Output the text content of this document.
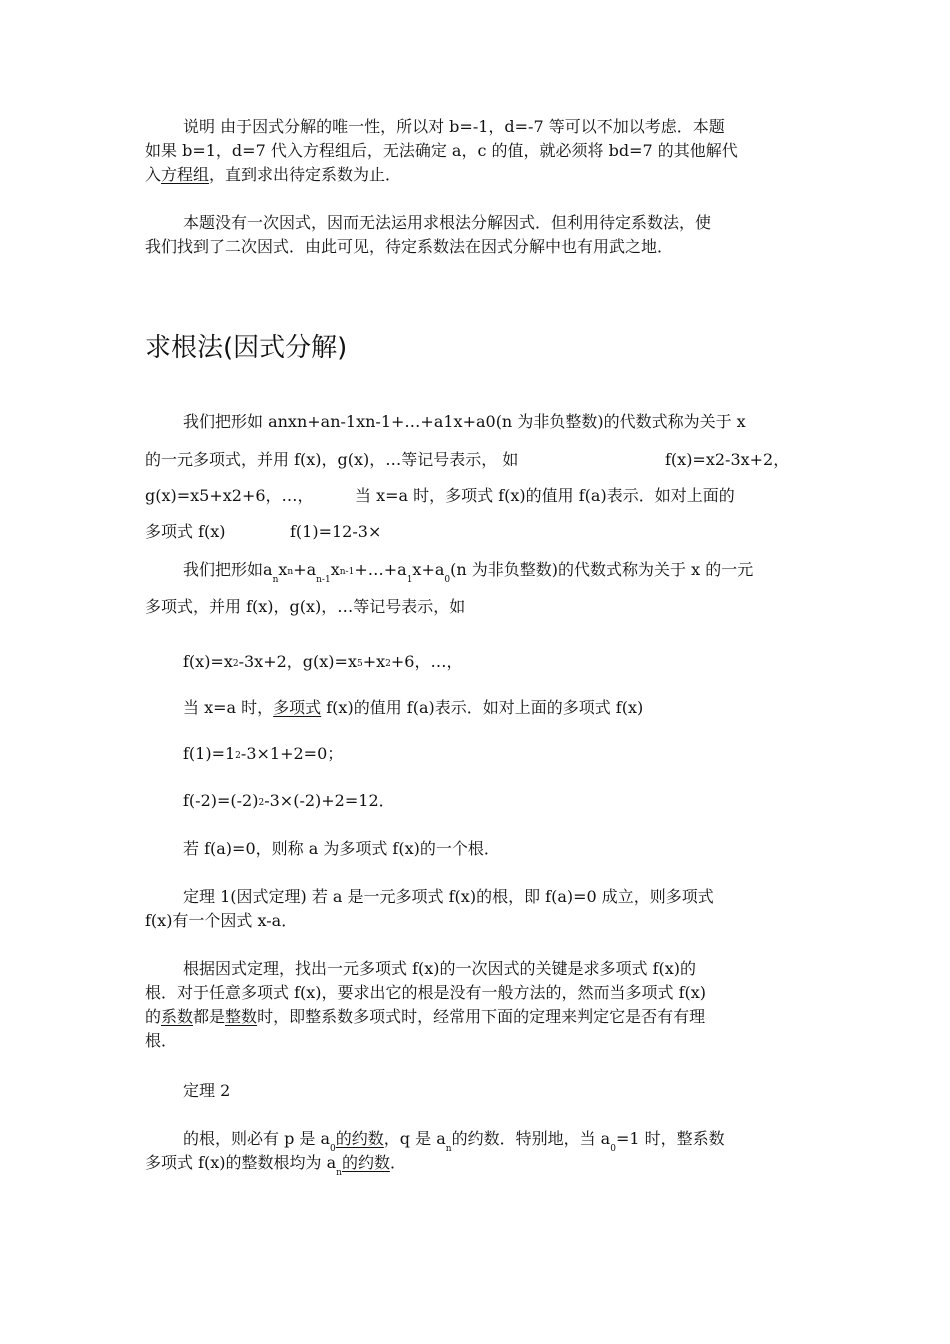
说明 由于因式分解的唯一性，所以对 b=-1，d=-7 等可以不加以考虑．本题
如果 b=1，d=7 代入方程组后，无法确定 a，c 的值，就必须将 bd=7 的其他解代
入方程组，直到求出待定系数为止．
本题没有一次因式，因而无法运用求根法分解因式．但利用待定系数法，使
我们找到了二次因式．由此可见，待定系数法在因式分解中也有用武之地．
求根法(因式分解)
我们把形如 anxn+an-1xn-1+…+a1x+a0(n 为非负整数)的代数式称为关于 x
的一元多项式，并用 f(x)，g(x)，…等记号表示， 如	f(x)=x2-3x+2，
g(x)=x5+x2+6，…，	当 x=a 时，多项式 f(x)的值用 f(a)表示．如对上面的
多项式 f(x)	f(1)=12-3×
我们把形如$a_nxn+a_{n-1}xn-1+\dots+a_1x+a_0(n$ 为非负整数)的代数式称为关于 x 的一元
多项式，并用 f(x)，g(x)，…等记号表示，如
f(x)=x2-3x+2，g(x)=x5+x2+6，…，
当 x=a 时，多项式 f(x)的值用 f(a)表示．如对上面的多项式 f(x)
f(1)=12-3×1+2=0；
f(-2)=(-2)2-3×(-2)+2=12．
若 f(a)=0，则称 a 为多项式 f(x)的一个根．
定理 1(因式定理) 若 a 是一元多项式 f(x)的根，即 f(a)=0 成立，则多项式
f(x)有一个因式 x-a．
根据因式定理，找出一元多项式 f(x)的一次因式的关键是求多项式 f(x)的
根．对于任意多项式 f(x)，要求出它的根是没有一般方法的，然而当多项式 f(x)
的系数都是整数时，即整系数多项式时，经常用下面的定理来判定它是否有有理
根．
定理 2
的根，则必有 p 是 $a_0$的约数，q 是 $a_n$的约数．特别地，当 $a_0=1$ 时，整系数
多项式 f(x)的整数根均为 $a_n$的约数．
